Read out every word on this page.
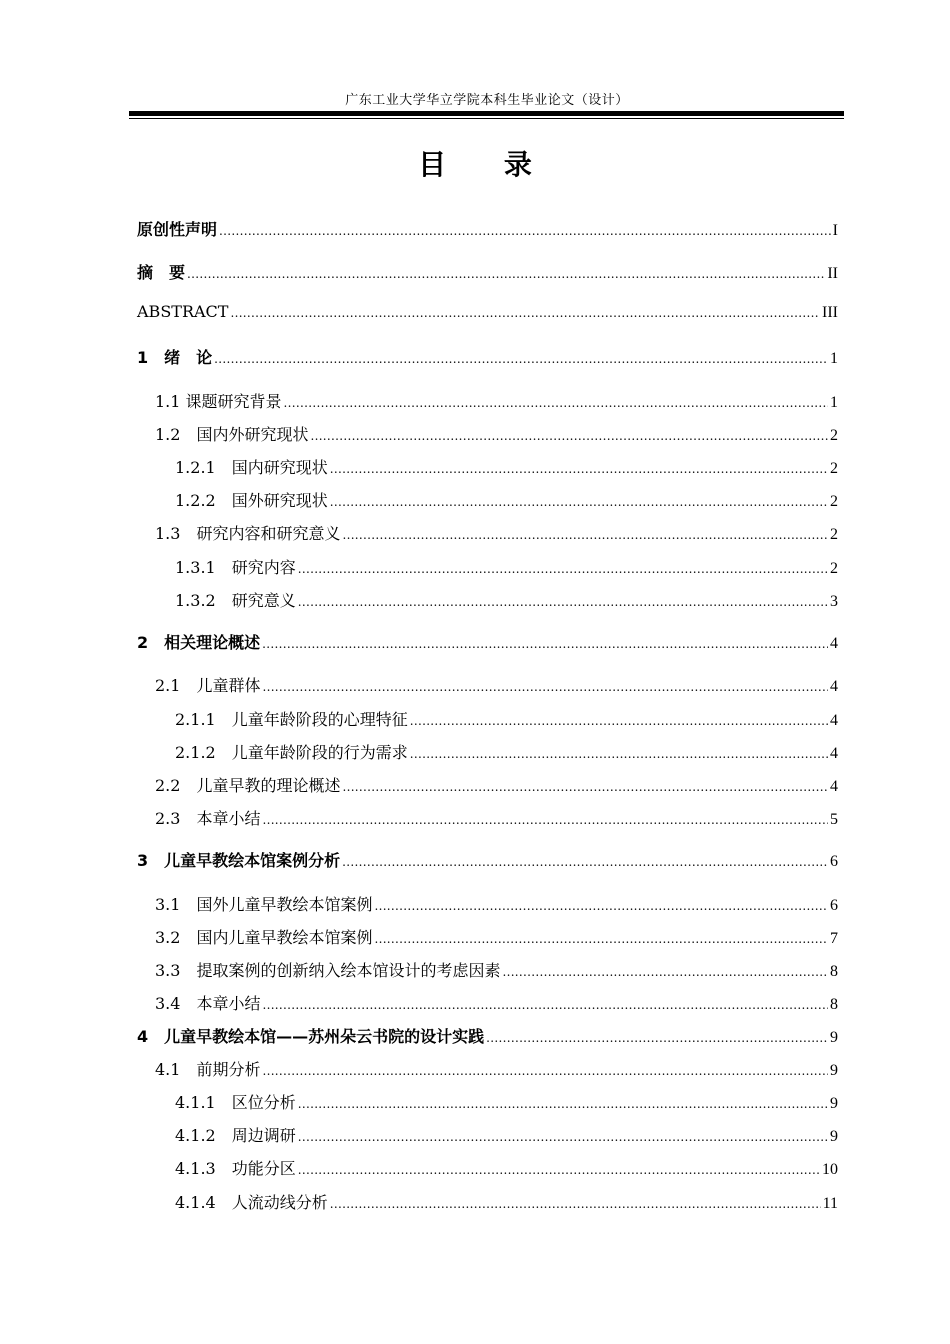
广东工业大学华立学院本科生毕业论文（设计）
目 录
原创性声明 .....	I
摘　要 .....	II
ABSTRACT .....	III
1　 绪　论 .....	1
1.1 课题研究背景 .....	1
1.2 　国内外研究现状 .....	2
1.2.1 　国内研究现状 .....	2
1.2.2 　国外研究现状 .....	2
1.3 　研究内容和研究意义 .....	2
1.3.1 　研究内容 .....	2
1.3.2 　研究意义 .....	3
2　 相关理论概述 .....	4
2.1 　儿童群体 .....	4
2.1.1 　儿童年龄阶段的心理特征 .....	4
2.1.2 　儿童年龄阶段的行为需求 .....	4
2.2 　儿童早教的理论概述 .....	4
2.3 　本章小结 .....	5
3　 儿童早教绘本馆案例分析 .....	6
3.1 　国外儿童早教绘本馆案例 .....	6
3.2 　国内儿童早教绘本馆案例 .....	7
3.3 　提取案例的创新纳入绘本馆设计的考虑因素 .....	8
3.4 　本章小结 .....	8
4　 儿童早教绘本馆——苏州朵云书院的设计实践 .....	9
4.1 　前期分析 .....	9
4.1.1 　区位分析 .....	9
4.1.2 　周边调研 .....	9
4.1.3 　功能分区 .....	10
4.1.4 　人流动线分析 .....	11
